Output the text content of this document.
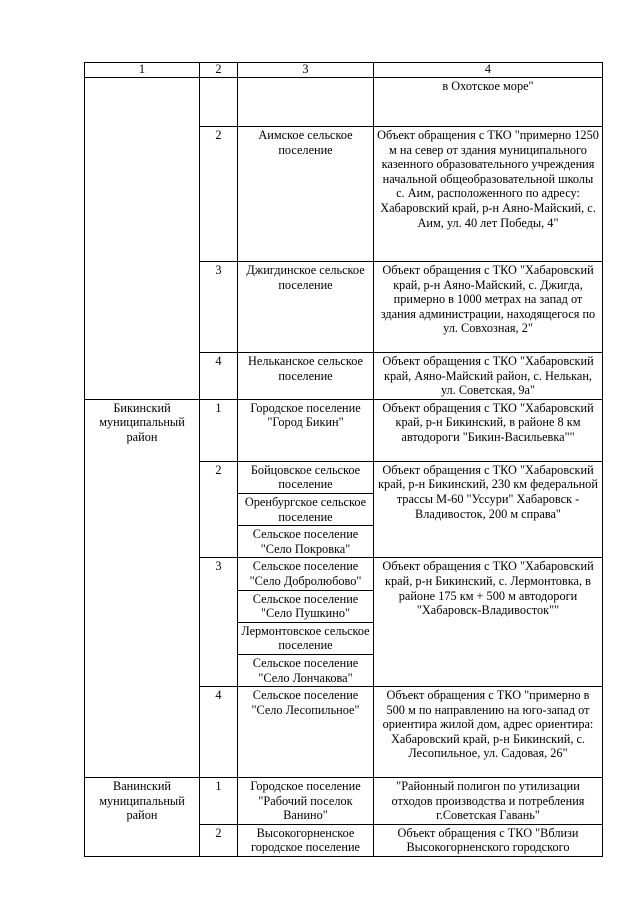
1	2	3	4
			в Охотское море"
	2	Аимское сельское поселение	Объект обращения с ТКО "примерно 1250 м на север от здания муниципального казенного образовательного учреждения начальной общеобразовательной школы с. Аим, расположенного по адресу: Хабаровский край, р-н Аяно-Майский, с. Аим, ул. 40 лет Победы, 4"
	3	Джигдинское сельское поселение	Объект обращения с ТКО "Хабаровский край, р-н Аяно-Майский, с. Джигда, примерно в 1000 метрах на запад от здания администрации, находящегося по ул. Совхозная, 2"
	4	Нельканское сельское поселение	Объект обращения с ТКО "Хабаровский край, Аяно-Майский район, с. Нелькан, ул. Советская, 9а"
Бикинский муниципальный район	1	Городское поселение "Город Бикин"	Объект обращения с ТКО "Хабаровский край, р-н Бикинский, в районе 8 км автодороги "Бикин-Васильевка""
	2	Бойцовское сельское поселение	Объект обращения с ТКО "Хабаровский край, р-н Бикинский, 230 км федеральной трассы М-60 "Уссури" Хабаровск - Владивосток, 200 м справа"
		Оренбургское сельское поселение	
		Сельское поселение "Село Покровка"	
	3	Сельское поселение "Село Добролюбово"	Объект обращения с ТКО "Хабаровский край, р-н Бикинский, с. Лермонтовка, в районе 175 км + 500 м автодороги "Хабаровск-Владивосток""
		Сельское поселение "Село Пушкино"	
		Лермонтовское сельское поселение	
		Сельское поселение "Село Лончакова"	
	4	Сельское поселение "Село Лесопильное"	Объект обращения с ТКО "примерно в 500 м по направлению на юго-запад от ориентира жилой дом, адрес ориентира: Хабаровский край, р-н Бикинский, с. Лесопильное, ул. Садовая, 26"
Ванинский муниципальный район	1	Городское поселение "Рабочий поселок Ванино"	"Районный полигон по утилизации отходов производства и потребления г.Советская Гавань"
	2	Высокогорненское городское поселение	Объект обращения с ТКО "Вблизи Высокогорненского городского
